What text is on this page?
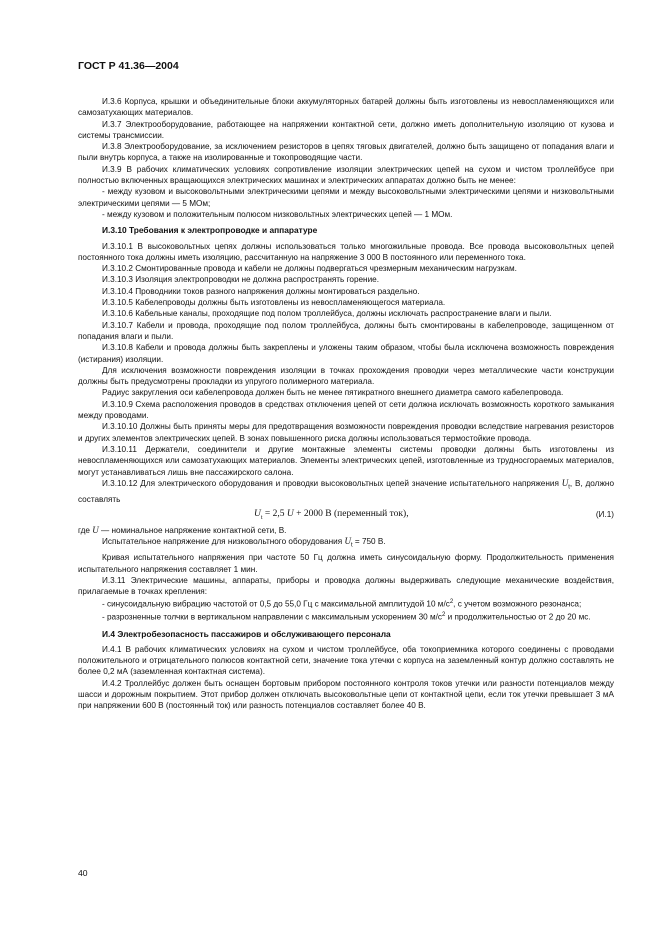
ГОСТ Р 41.36—2004

И.3.6 Корпуса, крышки и объединительные блоки аккумуляторных батарей должны быть изготовлены из невоспламеняющихся или самозатухающих материалов.

И.3.7 Электрооборудование, работающее на напряжении контактной сети, должно иметь дополнительную изоляцию от кузова и системы трансмиссии.

И.3.8 Электрооборудование, за исключением резисторов в цепях тяговых двигателей, должно быть защищено от попадания влаги и пыли внутрь корпуса, а также на изолированные и токопроводящие части.

И.3.9 В рабочих климатических условиях сопротивление изоляции электрических цепей на сухом и чистом троллейбусе при полностью включенных вращающихся электрических машинах и электрических аппаратах должно быть не менее:

- между кузовом и высоковольтными электрическими цепями и между высоковольтными электрическими цепями и низковольтными электрическими цепями — 5 МОм;

- между кузовом и положительным полюсом низковольтных электрических цепей — 1 МОм.

И.3.10 Требования к электропроводке и аппаратуре

И.3.10.1 В высоковольтных цепях должны использоваться только многожильные провода. Все провода высоковольтных цепей постоянного тока должны иметь изоляцию, рассчитанную на напряжение 3 000 В постоянного или переменного тока.

И.3.10.2 Смонтированные провода и кабели не должны подвергаться чрезмерным механическим нагрузкам.

И.3.10.3 Изоляция электропроводки не должна распространять горение.

И.3.10.4 Проводники токов разного напряжения должны монтироваться раздельно.

И.3.10.5 Кабелепроводы должны быть изготовлены из невоспламеняющегося материала.

И.3.10.6 Кабельные каналы, проходящие под полом троллейбуса, должны исключать распространение влаги и пыли.

И.3.10.7 Кабели и провода, проходящие под полом троллейбуса, должны быть смонтированы в кабелепроводе, защищенном от попадания влаги и пыли.

И.3.10.8 Кабели и провода должны быть закреплены и уложены таким образом, чтобы была исключена возможность повреждения (истирания) изоляции.

Для исключения возможности повреждения изоляции в точках прохождения проводки через металлические части конструкции должны быть предусмотрены прокладки из упругого полимерного материала.

Радиус закругления оси кабелепровода должен быть не менее пятикратного внешнего диаметра самого кабелепровода.

И.3.10.9 Схема расположения проводов в средствах отключения цепей от сети должна исключать возможность короткого замыкания между проводами.

И.3.10.10 Должны быть приняты меры для предотвращения возможности повреждения проводки вследствие нагревания резисторов и других элементов электрических цепей. В зонах повышенного риска должны использоваться термостойкие провода.

И.3.10.11 Держатели, соединители и другие монтажные элементы системы проводки должны быть изготовлены из невоспламеняющихся или самозатухающих материалов. Элементы электрических цепей, изготовленные из трудносгораемых материалов, могут устанавливаться лишь вне пассажирского салона.

И.3.10.12 Для электрического оборудования и проводки высоковольтных цепей значение испытательного напряжения $U_t$, В, должно составлять

$U_t = 2,5$ U + 2000 В (переменный ток),	(И.1)

где U — номинальное напряжение контактной сети, В.

Испытательное напряжение для низковольтного оборудования $U_t = 750$ В.

Кривая испытательного напряжения при частоте 50 Гц должна иметь синусоидальную форму. Продолжительность применения испытательного напряжения составляет 1 мин.

И.3.11 Электрические машины, аппараты, приборы и проводка должны выдерживать следующие механические воздействия, прилагаемые в точках крепления:

- синусоидальную вибрацию частотой от 0,5 до 55,0 Гц с максимальной амплитудой 10 $м/с^2$, с учетом возможного резонанса;

- разрозненные толчки в вертикальном направлении с максимальным ускорением 30 $м/с^2$ и продолжительностью от 2 до 20 мс.

И.4 Электробезопасность пассажиров и обслуживающего персонала

И.4.1 В рабочих климатических условиях на сухом и чистом троллейбусе, оба токоприемника которого соединены с проводами положительного и отрицательного полюсов контактной сети, значение тока утечки с корпуса на заземленный контур должно составлять не более 0,2 мА (заземленная контактная система).

И.4.2 Троллейбус должен быть оснащен бортовым прибором постоянного контроля токов утечки или разности потенциалов между шасси и дорожным покрытием. Этот прибор должен отключать высоковольтные цепи от контактной цепи, если ток утечки превышает 3 мА при напряжении 600 В (постоянный ток) или разность потенциалов составляет более 40 В.

40
